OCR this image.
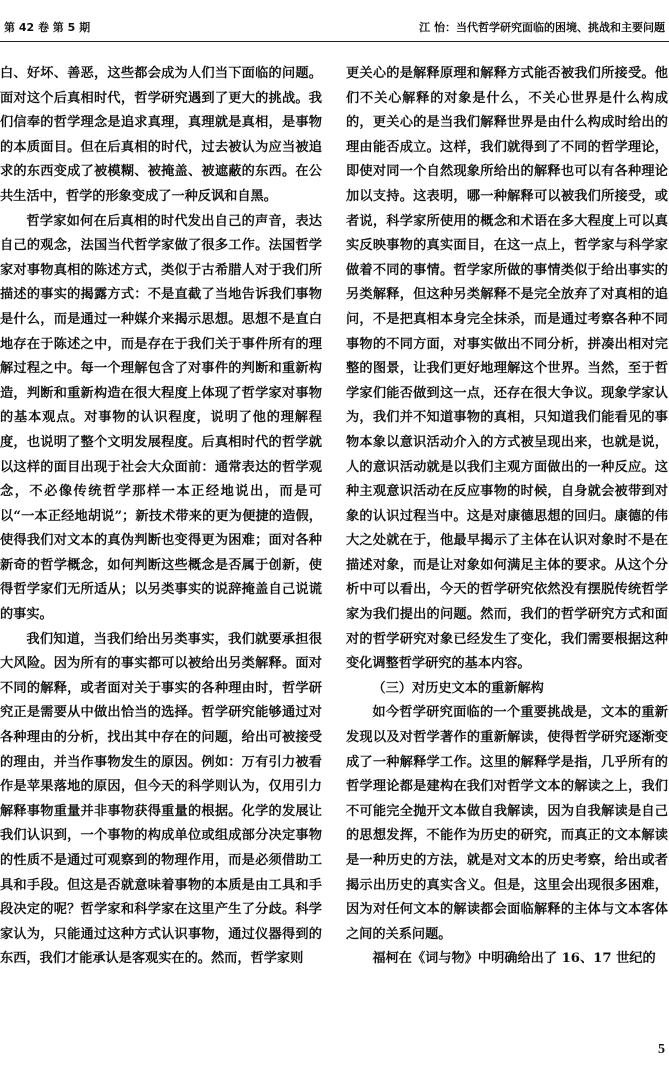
第 42 卷 第 5 期	江 怡：当代哲学研究面临的困境、挑战和主要问题

白、好坏、善恶，这些都会成为人们当下面临的问题。面对这个后真相时代，哲学研究遇到了更大的挑战。我们信奉的哲学理念是追求真理，真理就是真相，是事物的本质面目。但在后真相的时代，过去被认为应当被追求的东西变成了被模糊、被掩盖、被遮蔽的东西。在公共生活中，哲学的形象变成了一种反讽和自黑。

哲学家如何在后真相的时代发出自己的声音，表达自己的观念，法国当代哲学家做了很多工作。法国哲学家对事物真相的陈述方式，类似于古希腊人对于我们所描述的事实的揭露方式：不是直截了当地告诉我们事物是什么，而是通过一种媒介来揭示思想。思想不是直白地存在于陈述之中，而是存在于我们关于事件所有的理解过程之中。每一个理解包含了对事件的判断和重新构造，判断和重新构造在很大程度上体现了哲学家对事物的基本观点。对事物的认识程度，说明了他的理解程度，也说明了整个文明发展程度。后真相时代的哲学就以这样的面目出现于社会大众面前：通常表达的哲学观念，不必像传统哲学那样一本正经地说出，而是可以“一本正经地胡说”；新技术带来的更为便捷的造假，使得我们对文本的真伪判断也变得更为困难；面对各种新奇的哲学概念，如何判断这些概念是否属于创新，使得哲学家们无所适从；以另类事实的说辞掩盖自己说谎的事实。

我们知道，当我们给出另类事实，我们就要承担很大风险。因为所有的事实都可以被给出另类解释。面对不同的解释，或者面对关于事实的各种理由时，哲学研究正是需要从中做出恰当的选择。哲学研究能够通过对各种理由的分析，找出其中存在的问题，给出可被接受的理由，并当作事物发生的原因。例如：万有引力被看作是苹果落地的原因，但今天的科学则认为，仅用引力解释事物重量并非事物获得重量的根据。化学的发展让我们认识到，一个事物的构成单位或组成部分决定事物的性质不是通过可观察到的物理作用，而是必须借助工具和手段。但这是否就意味着事物的本质是由工具和手段决定的呢？哲学家和科学家在这里产生了分歧。科学家认为，只能通过这种方式认识事物，通过仪器得到的东西，我们才能承认是客观实在的。然而，哲学家则

更关心的是解释原理和解释方式能否被我们所接受。他们不关心解释的对象是什么，不关心世界是什么构成的，更关心的是当我们解释世界是由什么构成时给出的理由能否成立。这样，我们就得到了不同的哲学理论，即使对同一个自然现象所给出的解释也可以有各种理论加以支持。这表明，哪一种解释可以被我们所接受，或者说，科学家所使用的概念和术语在多大程度上可以真实反映事物的真实面目，在这一点上，哲学家与科学家做着不同的事情。哲学家所做的事情类似于给出事实的另类解释，但这种另类解释不是完全放弃了对真相的追问，不是把真相本身完全抹杀，而是通过考察各种不同事物的不同方面，对事实做出不同分析，拼凑出相对完整的图景，让我们更好地理解这个世界。当然，至于哲学家们能否做到这一点，还存在很大争议。现象学家认为，我们并不知道事物的真相，只知道我们能看见的事物本象以意识活动介入的方式被呈现出来，也就是说，人的意识活动就是以我们主观方面做出的一种反应。这种主观意识活动在反应事物的时候，自身就会被带到对象的认识过程当中。这是对康德思想的回归。康德的伟大之处就在于，他最早揭示了主体在认识对象时不是在描述对象，而是让对象如何满足主体的要求。从这个分析中可以看出，今天的哲学研究依然没有摆脱传统哲学家为我们提出的问题。然而，我们的哲学研究方式和面对的哲学研究对象已经发生了变化，我们需要根据这种变化调整哲学研究的基本内容。

（三）对历史文本的重新解构

如今哲学研究面临的一个重要挑战是，文本的重新发现以及对哲学著作的重新解读，使得哲学研究逐渐变成了一种解释学工作。这里的解释学是指，几乎所有的哲学理论都是建构在我们对哲学文本的解读之上，我们不可能完全抛开文本做自我解读，因为自我解读是自己的思想发挥，不能作为历史的研究，而真正的文本解读是一种历史的方法，就是对文本的历史考察，给出或者揭示出历史的真实含义。但是，这里会出现很多困难，因为对任何文本的解读都会面临解释的主体与文本客体之间的关系问题。

福柯在《词与物》中明确给出了 16、17 世纪的

5
